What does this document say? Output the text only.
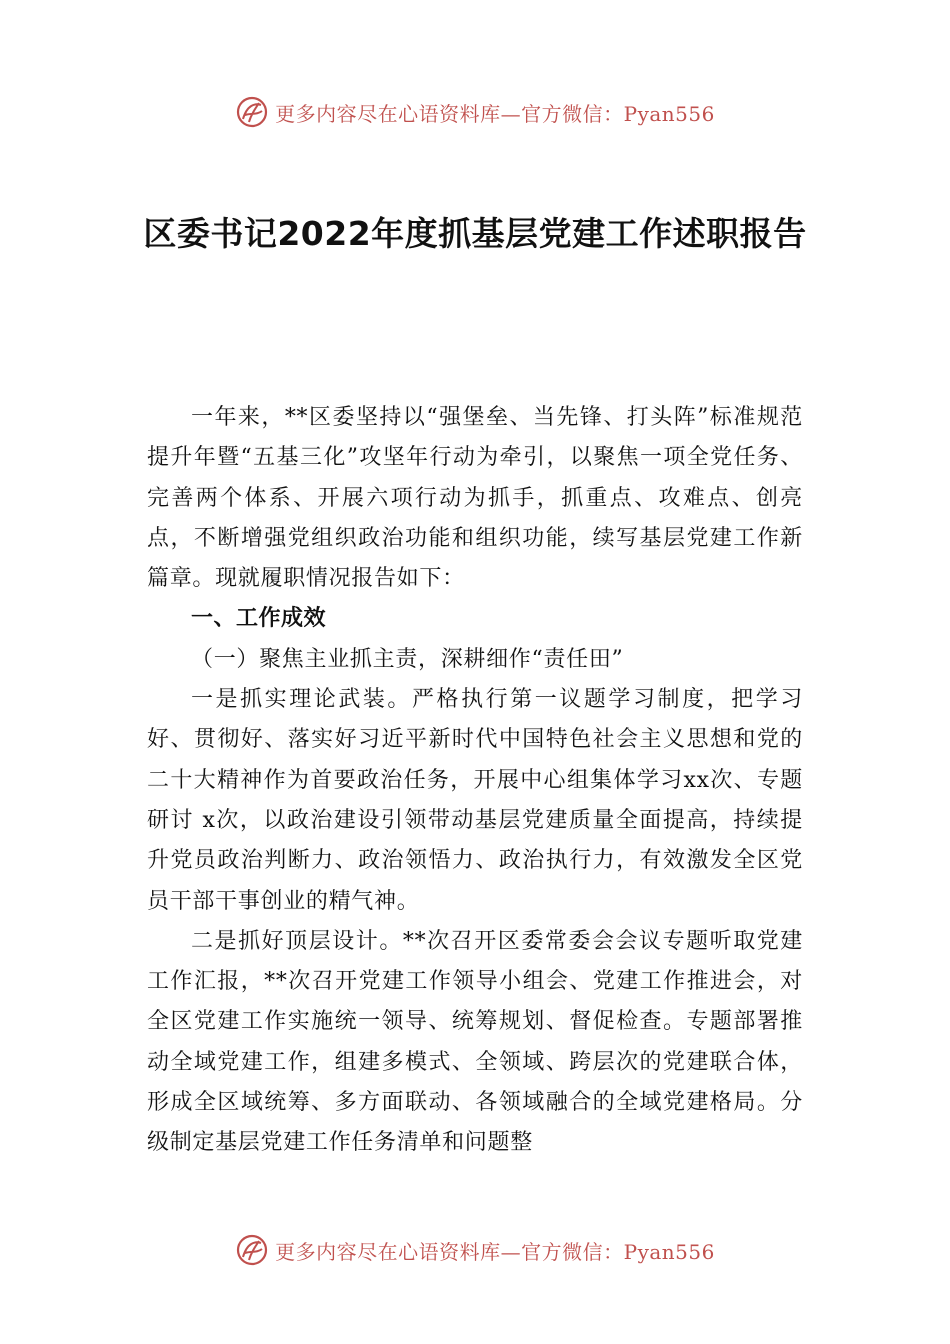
更多内容尽在心语资料库—官方微信：Pyan556
区委书记2022年度抓基层党建工作述职报告

一年来，**区委坚持以“强堡垒、当先锋、打头阵”标准规范提升年暨“五基三化”攻坚年行动为牵引，以聚焦一项全党任务、完善两个体系、开展六项行动为抓手，抓重点、攻难点、创亮点，不断增强党组织政治功能和组织功能，续写基层党建工作新篇章。现就履职情况报告如下：

一、工作成效

（一）聚焦主业抓主责，深耕细作“责任田”

一是抓实理论武装。严格执行第一议题学习制度，把学习好、贯彻好、落实好习近平新时代中国特色社会主义思想和党的二十大精神作为首要政治任务，开展中心组集体学习xx次、专题研讨 x次，以政治建设引领带动基层党建质量全面提高，持续提升党员政治判断力、政治领悟力、政治执行力，有效激发全区党员干部干事创业的精气神。

二是抓好顶层设计。**次召开区委常委会会议专题听取党建工作汇报，**次召开党建工作领导小组会、党建工作推进会，对全区党建工作实施统一领导、统筹规划、督促检查。专题部署推动全域党建工作，组建多模式、全领域、跨层次的党建联合体，形成全区域统筹、多方面联动、各领域融合的全域党建格局。分级制定基层党建工作任务清单和问题整

更多内容尽在心语资料库—官方微信：Pyan556
